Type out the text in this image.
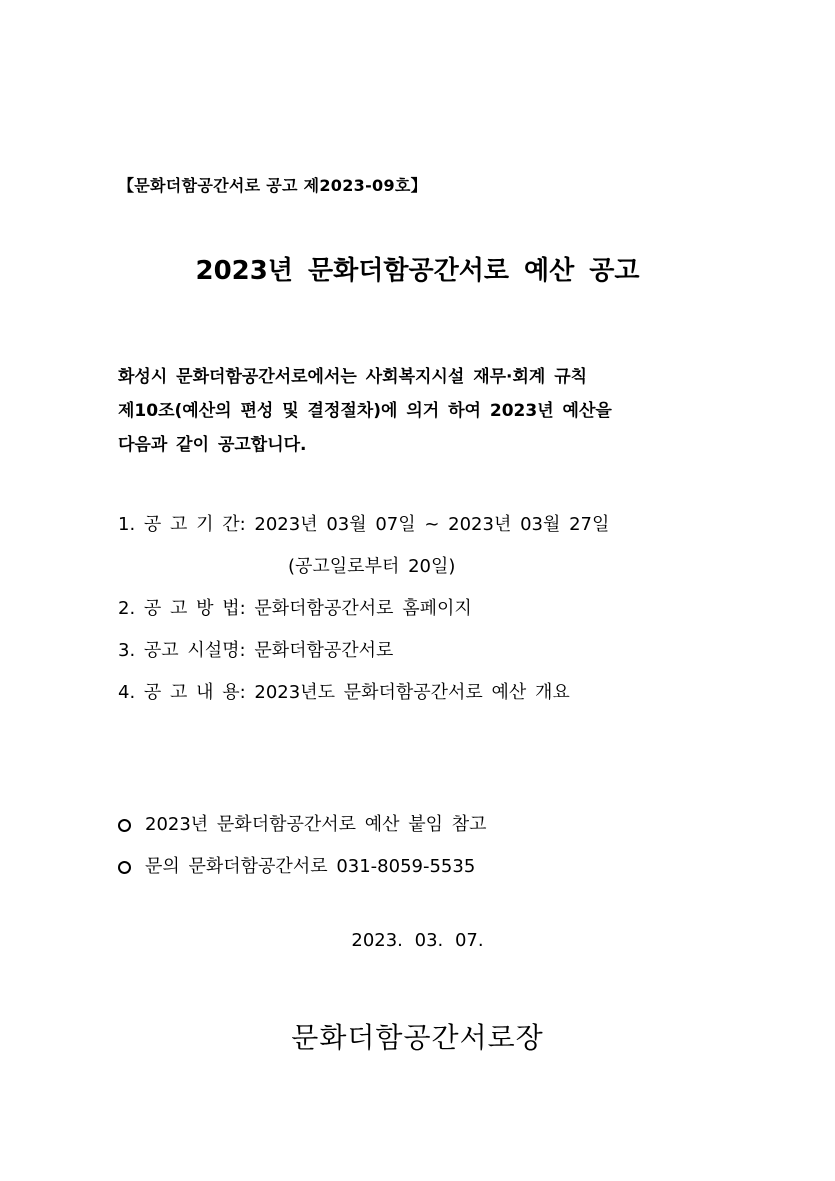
【문화더함공간서로 공고 제2023-09호】
2023년 문화더함공간서로 예산 공고
화성시 문화더함공간서로에서는 사회복지시설 재무·회계 규칙
제10조(예산의 편성 및 결정절차)에 의거 하여 2023년 예산을
다음과 같이 공고합니다.
1. 공 고 기 간: 2023년 03월 07일 ~ 2023년 03월 27일
(공고일로부터 20일)
2. 공 고 방 법: 문화더함공간서로 홈페이지
3. 공고 시설명: 문화더함공간서로
4. 공 고 내 용: 2023년도 문화더함공간서로 예산 개요
2023년 문화더함공간서로 예산 붙임 참고
문의 문화더함공간서로 031-8059-5535
2023. 03. 07.
문화더함공간서로장
